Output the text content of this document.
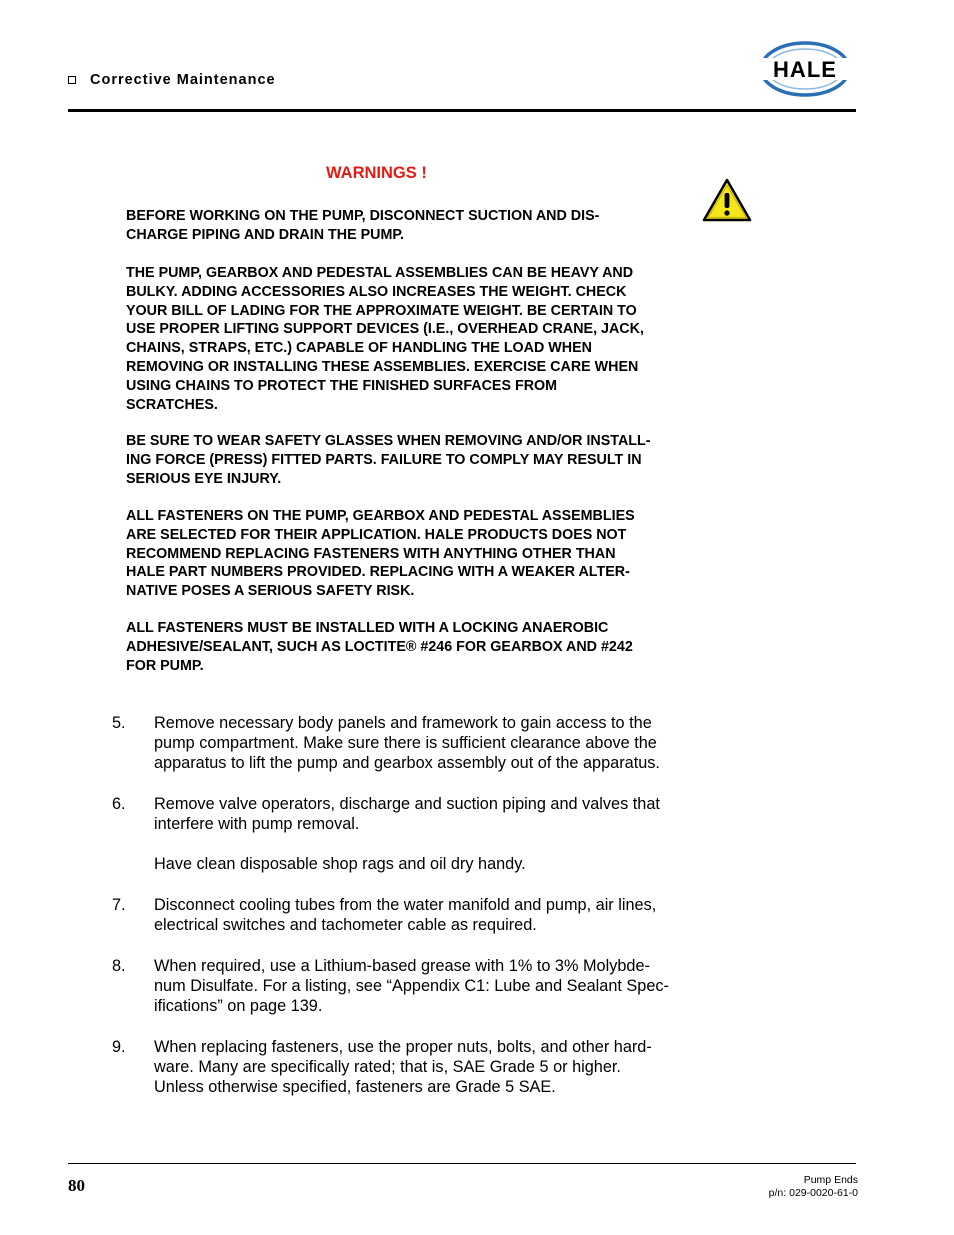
Corrective Maintenance	HALE
WARNINGS !
BEFORE WORKING ON THE PUMP, DISCONNECT SUCTION AND DIS-
CHARGE PIPING AND DRAIN THE PUMP.
THE PUMP, GEARBOX AND PEDESTAL ASSEMBLIES CAN BE HEAVY AND
BULKY. ADDING ACCESSORIES ALSO INCREASES THE WEIGHT. CHECK
YOUR BILL OF LADING FOR THE APPROXIMATE WEIGHT. BE CERTAIN TO
USE PROPER LIFTING SUPPORT DEVICES (I.E., OVERHEAD CRANE, JACK,
CHAINS, STRAPS, ETC.) CAPABLE OF HANDLING THE LOAD WHEN
REMOVING OR INSTALLING THESE ASSEMBLIES. EXERCISE CARE WHEN
USING CHAINS TO PROTECT THE FINISHED SURFACES FROM
SCRATCHES.
BE SURE TO WEAR SAFETY GLASSES WHEN REMOVING AND/OR INSTALL-
ING FORCE (PRESS) FITTED PARTS. FAILURE TO COMPLY MAY RESULT IN
SERIOUS EYE INJURY.
ALL FASTENERS ON THE PUMP, GEARBOX AND PEDESTAL ASSEMBLIES
ARE SELECTED FOR THEIR APPLICATION. HALE PRODUCTS DOES NOT
RECOMMEND REPLACING FASTENERS WITH ANYTHING OTHER THAN
HALE PART NUMBERS PROVIDED. REPLACING WITH A WEAKER ALTER-
NATIVE POSES A SERIOUS SAFETY RISK.
ALL FASTENERS MUST BE INSTALLED WITH A LOCKING ANAEROBIC
ADHESIVE/SEALANT, SUCH AS LOCTITE® #246 FOR GEARBOX AND #242
FOR PUMP.
5. Remove necessary body panels and framework to gain access to the
pump compartment. Make sure there is sufficient clearance above the
apparatus to lift the pump and gearbox assembly out of the apparatus.
6. Remove valve operators, discharge and suction piping and valves that
interfere with pump removal.
Have clean disposable shop rags and oil dry handy.
7. Disconnect cooling tubes from the water manifold and pump, air lines,
electrical switches and tachometer cable as required.
8. When required, use a Lithium-based grease with 1% to 3% Molybde-
num Disulfate. For a listing, see “Appendix C1: Lube and Sealant Spec-
ifications” on page 139.
9. When replacing fasteners, use the proper nuts, bolts, and other hard-
ware. Many are specifically rated; that is, SAE Grade 5 or higher.
Unless otherwise specified, fasteners are Grade 5 SAE.
80	Pump Ends
p/n: 029-0020-61-0
